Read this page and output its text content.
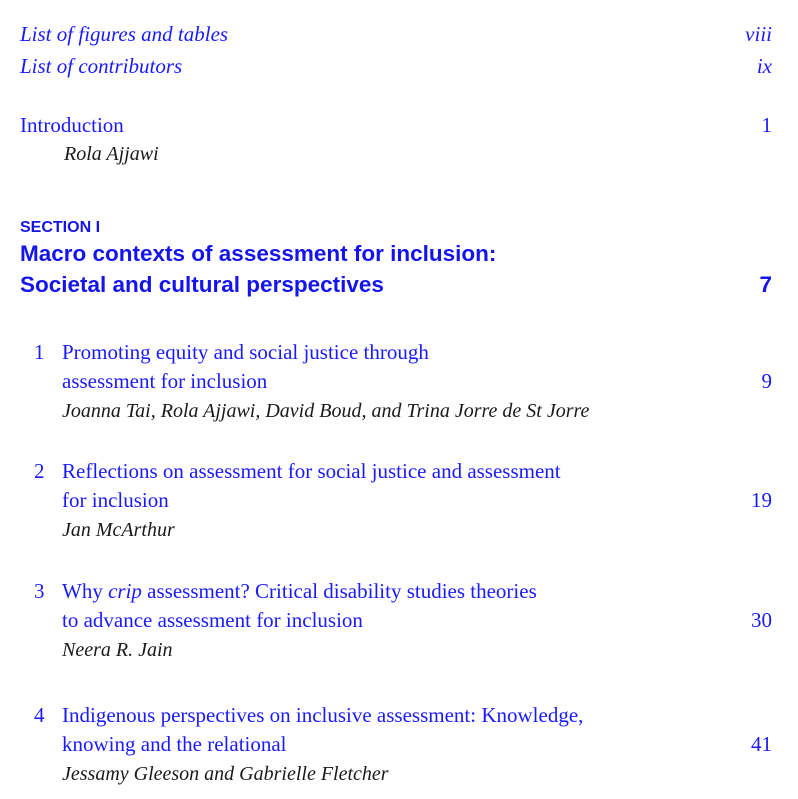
List of figures and tables	viii
List of contributors	ix
Introduction	1
Rola Ajjawi
SECTION I
Macro contexts of assessment for inclusion:
Societal and cultural perspectives	7
1 Promoting equity and social justice through
assessment for inclusion	9
Joanna Tai, Rola Ajjawi, David Boud, and Trina Jorre de St Jorre
2 Reflections on assessment for social justice and assessment
for inclusion	19
Jan McArthur
3 Why crip assessment? Critical disability studies theories
to advance assessment for inclusion	30
Neera R. Jain
4 Indigenous perspectives on inclusive assessment: Knowledge,
knowing and the relational	41
Jessamy Gleeson and Gabrielle Fletcher
